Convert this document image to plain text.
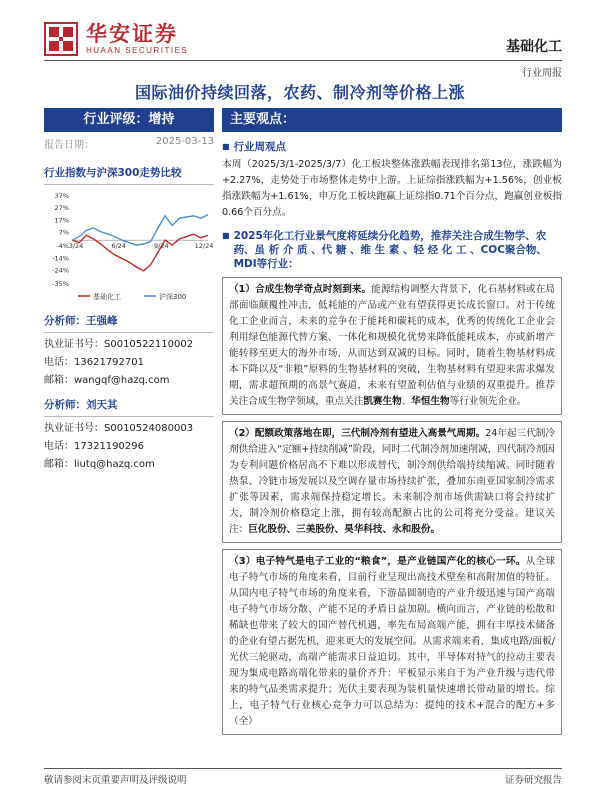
华安证券
HUAAN SECURITIES	基础化工
行业周报
国际油价持续回落，农药、制冷剂等价格上涨
行业评级：增持
报告日期：	2025-03-13
行业指数与沪深300走势比较
37%
27%
17%
7%
-4%
-14%
-24%
-35%
3/24	6/24	9/24	12/24
基础化工	沪深300
分析师：王强峰
执业证书号：S0010522110002
电话：13621792701
邮箱：wangqf@hazq.com
分析师：刘天其
执业证书号：S0010524080003
电话：17321190296
邮箱：liutq@hazq.com
主要观点：
■ 行业周观点
本周（2025/3/1-2025/3/7）化工板块整体涨跌幅表现排名第13位，涨跌幅为+2.27%，走势处于市场整体走势中上游。上证综指涨跌幅为+1.56%，创业板指涨跌幅为+1.61%，申万化工板块跑赢上证综指0.71个百分点，跑赢创业板指0.66个百分点。
■ 2025年化工行业景气度将延续分化趋势，推荐关注合成生物学、农药、虽 析 介 质 、代 糖 、维 生 素 、轻 烃 化 工 、COC聚合物、MDI等行业：
（1）合成生物学奇点时刻到来。能源结构调整大背景下，化石基材料或在局部面临颠覆性冲击，低耗能的产品或产业有望获得更长成长窗口。对于传统化工企业而言，未来的竞争在于能耗和碳耗的成本，优秀的传统化工企业会利用绿色能源代替方案、一体化和规模化优势来降低能耗成本，亦或新增产能转移至更大的海外市场，从而达到双减的目标。同时，随着生物基材料成本下降以及“非粮”原料的生物基材料的突破，生物基材料有望迎来需求爆发期，需求超预期的高景气赛道，未来有望盈利估值与业绩的双重提升。推荐关注合成生物学领域，重点关注凯赛生物、华恒生物等行业领先企业。
（2）配额政策落地在即，三代制冷剂有望进入高景气周期。24年起三代制冷剂供给进入“定额+持续削减”阶段，同时二代制冷剂加速削减，四代制冷剂因为专利问题价格居高不下难以形成替代，制冷剂供给端持续缩减。同时随着热泵、冷链市场发展以及空调存量市场持续扩张，叠加东南亚国家制冷需求扩张等因素，需求端保持稳定增长。未来制冷剂市场供需缺口将会持续扩大，制冷剂价格稳定上涨，拥有较高配额占比的公司将充分受益。建议关注：巨化股份、三美股份、昊华科技、永和股份。
（3）电子特气是电子工业的“粮食”，是产业链国产化的核心一环。从全球电子特气市场的角度来看，目前行业呈现出高技术壁垒和高附加值的特征。从国内电子特气市场的角度来看，下游晶圆制造的产业升级迅速与国产高端电子特气市场分散、产能不足的矛盾日益加剧。横向而言，产业链的松散和稀缺也带来了较大的国产替代机遇，率先布局高端产能，拥有丰厚技术储备的企业有望占据先机，迎来更大的发展空间。从需求端来看，集成电路/面板/光伏三轮驱动，高端产能需求日益迫切。其中，半导体对特气的拉动主要表现为集成电路高端化带来的量价齐升：平板显示来自于为产业升级与迭代带来的特气品类需求提升；光伏主要表现为装机量快速增长带动量的增长。综上，电子特气行业核心竞争力可以总结为：提纯的技术+混合的配方+多（全）
敬请参阅末页重要声明及评级说明	证券研究报告
